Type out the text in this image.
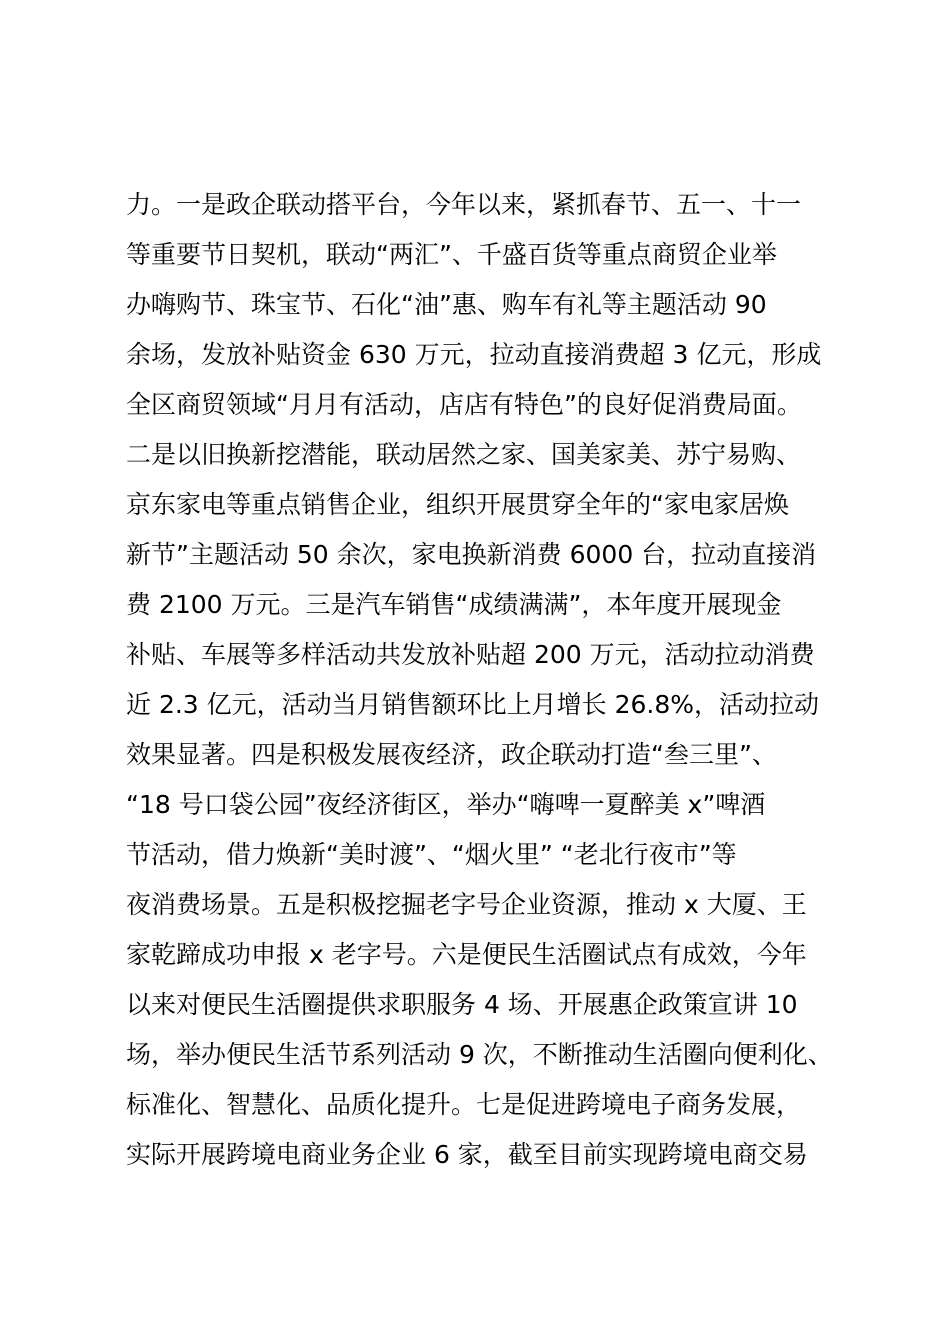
力。一是政企联动搭平台，今年以来，紧抓春节、五一、十一
等重要节日契机，联动“两汇”、千盛百货等重点商贸企业举
办嗨购节、珠宝节、石化“油”惠、购车有礼等主题活动 90
余场，发放补贴资金 630 万元，拉动直接消费超 3 亿元，形成
全区商贸领域“月月有活动，店店有特色”的良好促消费局面。
二是以旧换新挖潜能，联动居然之家、国美家美、苏宁易购、
京东家电等重点销售企业，组织开展贯穿全年的“家电家居焕
新节”主题活动 50 余次，家电换新消费 6000 台，拉动直接消
费 2100 万元。三是汽车销售“成绩满满”，本年度开展现金
补贴、车展等多样活动共发放补贴超 200 万元，活动拉动消费
近 2.3 亿元，活动当月销售额环比上月增长 26.8%，活动拉动
效果显著。四是积极发展夜经济，政企联动打造“叁三里”、
“18 号口袋公园”夜经济街区，举办“嗨啤一夏醉美 x”啤酒
节活动，借力焕新“美时渡”、“烟火里” “老北行夜市”等
夜消费场景。五是积极挖掘老字号企业资源，推动 x 大厦、王
家乾蹄成功申报 x 老字号。六是便民生活圈试点有成效，今年
以来对便民生活圈提供求职服务 4 场、开展惠企政策宣讲 10
场，举办便民生活节系列活动 9 次，不断推动生活圈向便利化、
标准化、智慧化、品质化提升。七是促进跨境电子商务发展，
实际开展跨境电商业务企业 6 家，截至目前实现跨境电商交易
